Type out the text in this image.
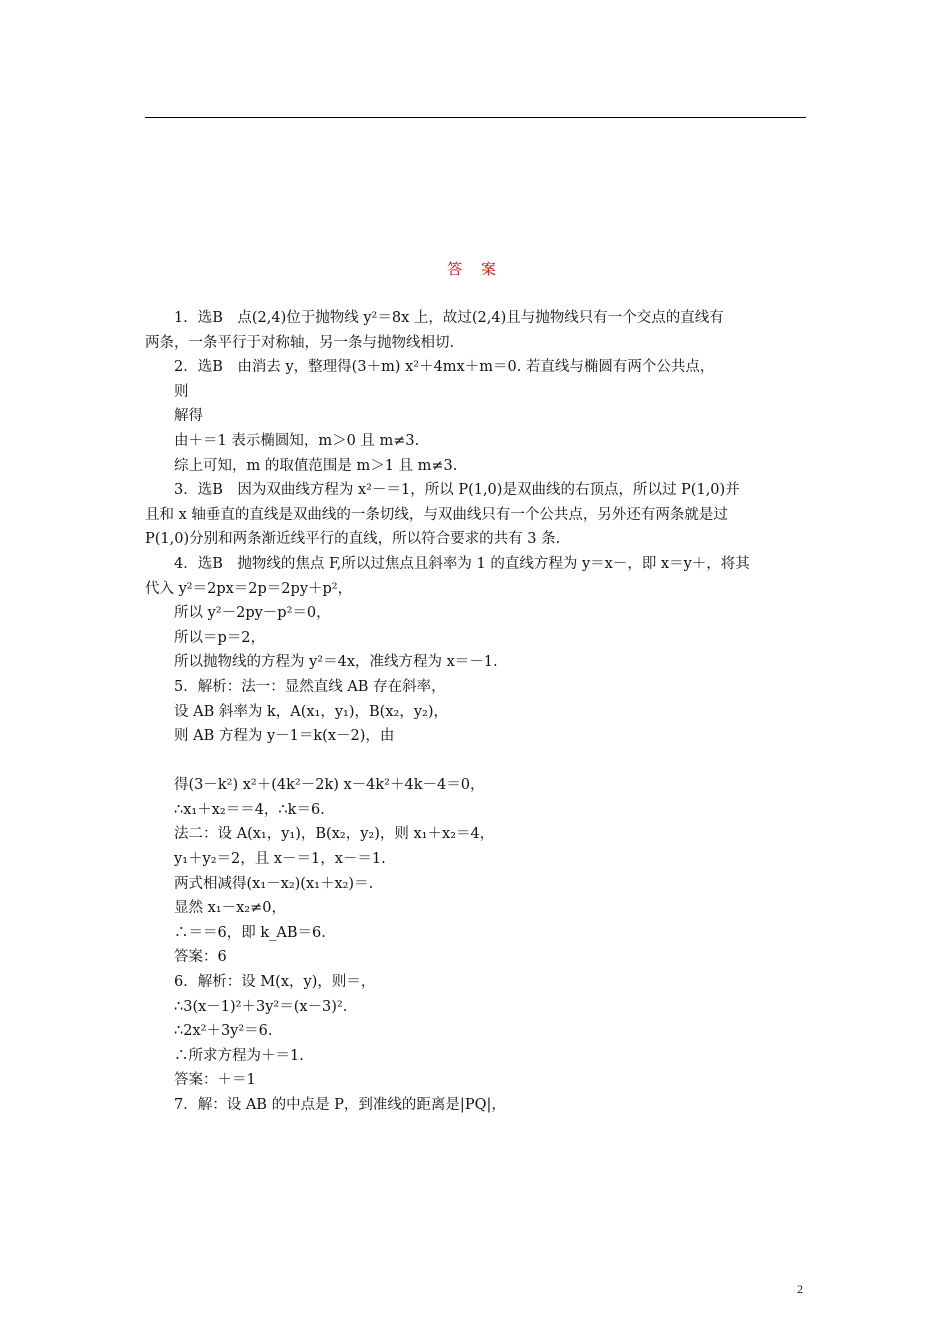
答 案
1．选B　点(2,4)位于抛物线 y²＝8x 上，故过(2,4)且与抛物线只有一个交点的直线有
两条，一条平行于对称轴，另一条与抛物线相切.
2．选B　由消去 y，整理得(3＋m) x²＋4mx＋m＝0. 若直线与椭圆有两个公共点，
则
解得
由＋＝1 表示椭圆知，m＞0 且 m≠3.
综上可知，m 的取值范围是 m＞1 且 m≠3.
3．选B　因为双曲线方程为 x²－＝1，所以 P(1,0)是双曲线的右顶点，所以过 P(1,0)并
且和 x 轴垂直的直线是双曲线的一条切线，与双曲线只有一个公共点，另外还有两条就是过
P(1,0)分别和两条渐近线平行的直线，所以符合要求的共有 3 条.
4．选B　抛物线的焦点 F,所以过焦点且斜率为 1 的直线方程为 y＝x－，即 x＝y＋，将其
代入 y²＝2px＝2p＝2py＋p²，
所以 y²－2py－p²＝0，
所以＝p＝2，
所以抛物线的方程为 y²＝4x，准线方程为 x＝－1.
5．解析：法一：显然直线 AB 存在斜率，
设 AB 斜率为 k，A(x₁，y₁)，B(x₂，y₂)，
则 AB 方程为 y－1＝k(x－2)，由
得(3－k²) x²＋(4k²－2k) x－4k²＋4k－4＝0，
∴x₁＋x₂＝＝4，∴k＝6.
法二：设 A(x₁，y₁)，B(x₂，y₂)，则 x₁＋x₂＝4，
y₁＋y₂＝2，且 x－＝1，x－＝1.
两式相减得(x₁－x₂)(x₁＋x₂)＝.
显然 x₁－x₂≠0，
∴＝＝6，即 k_AB＝6.
答案：6
6．解析：设 M(x，y)，则＝，
∴3(x－1)²＋3y²＝(x－3)².
∴2x²＋3y²＝6.
∴所求方程为＋＝1.
答案：＋＝1
7．解：设 AB 的中点是 P，到准线的距离是|PQ|，
2
